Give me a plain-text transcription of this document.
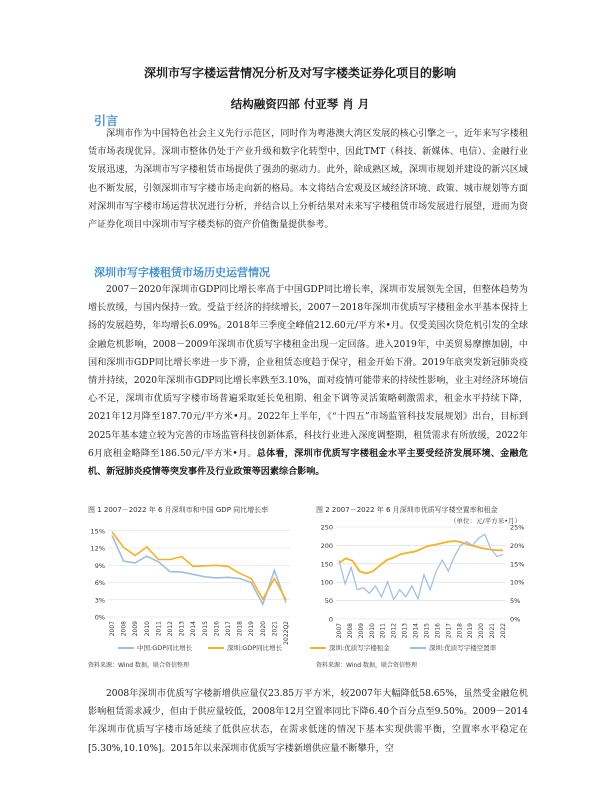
深圳市写字楼运营情况分析及对写字楼类证券化项目的影响
结构融资四部 付亚琴 肖 月
引言

深圳市作为中国特色社会主义先行示范区，同时作为粤港澳大湾区发展的核心引擎之一，近年来写字楼租赁市场表现优异。深圳市整体仍处于产业升级和数字化转型中，因此TMT（科技、新媒体、电信）、金融行业发展迅速，为深圳市写字楼租赁市场提供了强劲的驱动力。此外，除成熟区域，深圳市规划并建设的新兴区域也不断发展，引领深圳市写字楼市场走向新的格局。本文将结合宏观及区域经济环境、政策、城市规划等方面对深圳市写字楼市场运营状况进行分析，并结合以上分析结果对未来写字楼租赁市场发展进行展望，进而为资产证券化项目中深圳市写字楼类标的资产价值衡量提供参考。

深圳市写字楼租赁市场历史运营情况

2007－2020年深圳市GDP同比增长率高于中国GDP同比增长率，深圳市发展领先全国，但整体趋势为增长放缓，与国内保持一致。受益于经济的持续增长，2007－2018年深圳市优质写字楼租金水平基本保持上扬的发展趋势，年均增长6.09%。2018年三季度全峰值212.60元/平方米•月。仅受美国次贷危机引发的全球金融危机影响，2008－2009年深圳市优质写字楼租金出现一定回落。进入2019年，中美贸易摩擦加剧，中国和深圳市GDP同比增长率进一步下滑，企业租赁态度趋于保守，租金开始下滑。2019年底突发新冠肺炎疫情并持续，2020年深圳市GDP同比增长率跌至3.10%，面对疫情可能带来的持续性影响，业主对经济环境信心不足，深圳市优质写字楼市场普遍采取延长免租期、租金下调等灵活策略刺激需求，租金水平持续下降，2021年12月降至187.70元/平方米•月。2022年上半年，《“十四五”市场监管科技发展规划》出台，目标到2025年基本建立较为完善的市场监管科技创新体系，科技行业进入深度调整期，租赁需求有所放缓，2022年6月底租金略降至186.50元/平方米•月。总体看，深圳市优质写字楼租金水平主要受经济发展环境、金融危机、新冠肺炎疫情等突发事件及行业政策等因素综合影响。

图 1 2007－2022 年 6 月深圳市和中国 GDP 同比增长率
0%
3%
6%
9%
12%
15%
2007 2008 2009 2010 2011 2012 2013 2014 2015 2016 2017 2018 2019 2020 2021 2022Q2
中国:GDP同比增长	深圳:GDP同比增长
资料来源：Wind 数据，联合资信整理
图 2 2007－2022 年 6 月深圳市优质写字楼空置率和租金
（单位：元/平方米•月）
0
50
100
150
200
250
0%
5%
10%
15%
20%
25%
2007 2008 2009 2010 2011 2012 2013 2014 2015 2016 2017 2018 2019 2020 2021 2022
深圳:优质写字楼租金	深圳:优质写字楼空置率
资料来源：Wind 数据，联合资信整理

2008年深圳市优质写字楼新增供应量仅23.85万平方米，较2007年大幅降低58.65%，虽然受金融危机影响租赁需求减少，但由于供应量较低，2008年12月空置率同比下降6.40个百分点至9.50%。2009－2014年深圳市优质写字楼市场延续了低供应状态，在需求低迷的情况下基本实现供需平衡，空置率水平稳定在[5.30%,10.10%]。2015年以来深圳市优质写字楼新增供应量不断攀升，空
